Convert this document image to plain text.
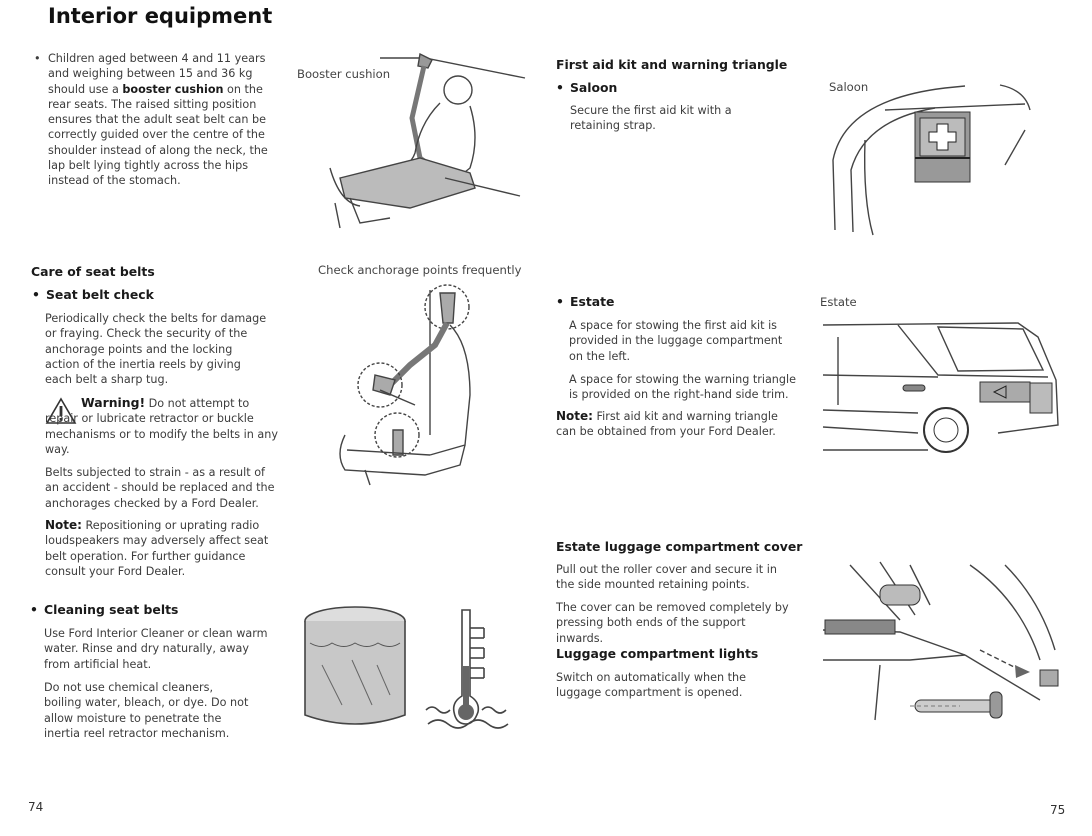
Interior equipment
• Children aged between 4 and 11 years and weighing between 15 and 36 kg should use a booster cushion on the rear seats. The raised sitting position ensures that the adult seat belt can be correctly guided over the centre of the shoulder instead of along the neck, the lap belt lying tightly across the hips instead of the stomach.
Booster cushion
Care of seat belts
• Seat belt check
Periodically check the belts for damage or fraying. Check the security of the anchorage points and the locking action of the inertia reels by giving each belt a sharp tug.
Warning! Do not attempt to repair or lubricate retractor or buckle mechanisms or to modify the belts in any way.
Belts subjected to strain - as a result of an accident - should be replaced and the anchorages checked by a Ford Dealer.
Note: Repositioning or uprating radio loudspeakers may adversely affect seat belt operation. For further guidance consult your Ford Dealer.
Check anchorage points frequently
• Cleaning seat belts
Use Ford Interior Cleaner or clean warm water. Rinse and dry naturally, away from artificial heat.
Do not use chemical cleaners, boiling water, bleach, or dye. Do not allow moisture to penetrate the inertia reel retractor mechanism.
74
First aid kit and warning triangle
• Saloon
Secure the first aid kit with a retaining strap.
Saloon
• Estate
A space for stowing the first aid kit is provided in the luggage compartment on the left.
A space for stowing the warning triangle is provided on the right-hand side trim.
Note: First aid kit and warning triangle can be obtained from your Ford Dealer.
Estate
Estate luggage compartment cover
Pull out the roller cover and secure it in the side mounted retaining points.
The cover can be removed completely by pressing both ends of the support inwards.
Luggage compartment lights
Switch on automatically when the luggage compartment is opened.
75
